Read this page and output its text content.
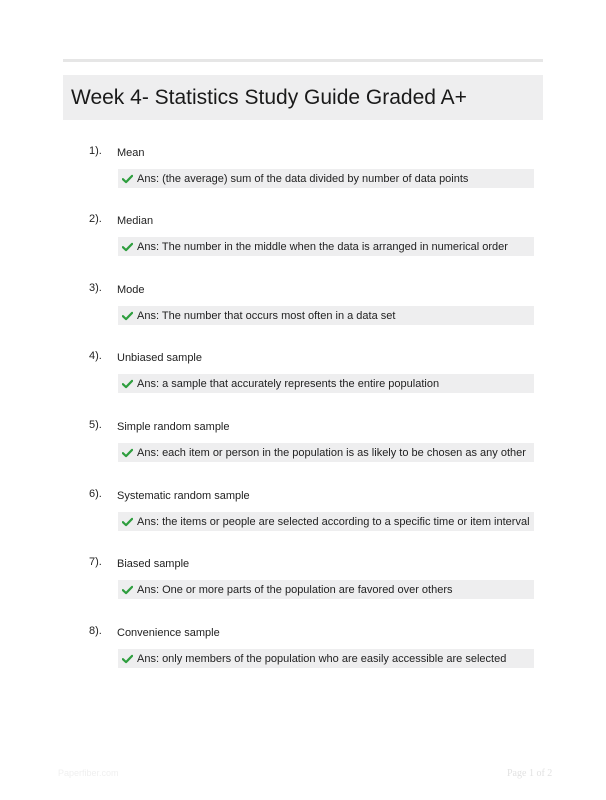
Week 4- Statistics Study Guide Graded A+
1). Mean
Ans: (the average) sum of the data divided by number of data points
2). Median
Ans: The number in the middle when the data is arranged in numerical order
3). Mode
Ans: The number that occurs most often in a data set
4). Unbiased sample
Ans: a sample that accurately represents the entire population
5). Simple random sample
Ans: each item or person in the population is as likely to be chosen as any other
6). Systematic random sample
Ans: the items or people are selected according to a specific time or item interval
7). Biased sample
Ans: One or more parts of the population are favored over others
8). Convenience sample
Ans: only members of the population who are easily accessible are selected
Paperfiber.com	Page 1 of 2
